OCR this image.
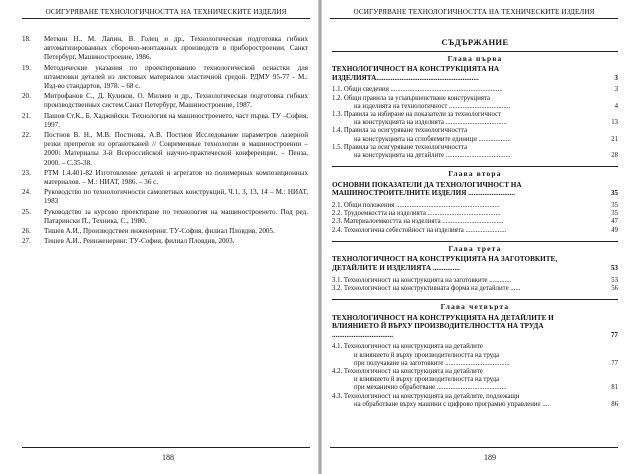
ОСИГУРЯВАНЕ ТЕХНОЛОГИЧНОСТТА НА ТЕХНИЧЕСКИТЕ ИЗДЕЛИЯ
18.	Меткин Н., М. Лапин, В. Голец и др., Технологическая подготовка гибких автоматизированных сборочно-монтажных производств в приборостроении. Санкт Петербург, Машиностроение, 1986.
19.	Методические указания по проектированию технологической оснастки для штамповки деталей из листовых материалов эластичной средой. РДМУ 95-77 - М.: Изд-во стандартов, 1978. – 68 с.
20.	Митрофанов С., Д. Куликов, О. Миляев и др., Технологическая подготовка гибких производственных систем.Санкт Петербург, Машиностроение, 1987.
21.	Пашов Ст.К., Б. Хаджийски. Технология на машиностроенето, част първа. ТУ –София, 1997.
22.	Постнов В. Н., М.В. Постнова, А.В. Постнов Исследование параметров лазерной резки препрегов из органотканей // Современные технологии в машиностроении – 2000: Материалы 3-й Всероссийской научно-практической конференции. - Пенза, 2000. – С.35-38.
23.	РТМ 1.4.401-82 Изготовление деталей и агрегатов из полимерных композиционных материалов. – М.: НИАТ, 1986. – 36 с.
24.	Руководство по технологичности самолетных конструкций, Ч.1, 3, 13, 14 – М.: НИАТ, 1983
25.	Руководство за курсово проектиране по технология на машиностроенето. Под ред. Патарински П., Техника, С., 1980.
26.	Тишев А.И., Производствен инженеринг. ТУ-София, филиал Пловдив, 2005.
27.	Тишев А.И., Реинженеринг. ТУ-София, филиал Пловдив, 2003.
188
ОСИГУРЯВАНЕ ТЕХНОЛОГИЧНОСТТА НА ТЕХНИЧЕСКИТЕ ИЗДЕЛИЯ
СЪДЪРЖАНИЕ
Глава първа
ТЕХНОЛОГИЧНОСТ НА КОНСТРУКЦИЯТА НА ИЗДЕЛИЯТА.........................................................	3
1.1. Общи сведения ..................................................................	3
1.2. Общи правила за усъвършенстване конструкцията
на изделията на технологичност ....................................	4
1.3. Правила за избиране на показатели за технологичност
на конструкцията на изделията ....................................	13
1.4. Правила за осигуряване технологичността
на конструкцията на сглобяемите единици ...................	21
1.5. Правила за осигуряване технологичността
на конструкцията на детайлите ......................................	28
Глава втора
ОСНОВНИ ПОКАЗАТЕЛИ ДА ТЕХНОЛОГИЧНОСТ НА МАШИНОСТРОИТЕЛНИТЕ ИЗДЕЛИЯ ..........................	35
2.1. Общи положения .............................................................	35
2.2. Трудоемкостта на изделията ...........................................	35
2.3. Материалоемкостта на изделията ....................................	47
2.4. Технологична себестойност на изделията ........................	49
Глава трета
ТЕХНОЛОГИЧНОСТ НА КОНСТРУКЦИЯТА НА ЗАГОТОВКИТЕ, ДЕТАЙЛИТЕ И ИЗДЕЛИЯТА ...............	53
3.1. Технологичност на конструкцията на заготовките .............	53
3.2. Технологичност на конструктивната форма на детайлите ......	56
Глава четвърта
ТЕХНОЛОГИЧНОСТ НА КОНСТРУКЦИЯТА НА ДЕТАЙЛИТЕ И ВЛИЯНИЕТО Й ВЪРХУ ПРОИЗВОДИТЕЛНОСТТА НА ТРУДА ..................................	77
4.1. Технологичност на конструкцията на детайлите
и влиянието й върху производителността на труда
при получаване на заготовките ......................................	77
4.2. Технологичност на конструкцията на детайлите
и влиянието й върху производителността на труда
при механично обработване .........................................	81
4.3. Технологичност на конструкцията на детайлите, подлежащи
на обработване върху машини с цифрово програмно управление ....	86
189
